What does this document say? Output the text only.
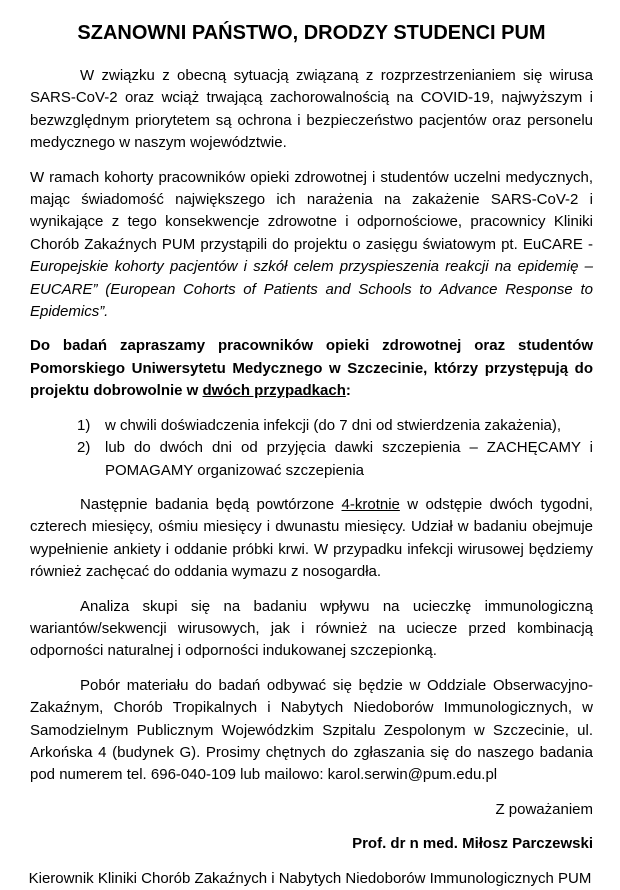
SZANOWNI PAŃSTWO, DRODZY STUDENCI PUM

W związku z obecną sytuacją związaną z rozprzestrzenianiem się wirusa SARS-CoV-2 oraz wciąż trwającą zachorowalnością na COVID-19, najwyższym i bezwzględnym priorytetem są ochrona i bezpieczeństwo pacjentów oraz personelu medycznego w naszym województwie.

W ramach kohorty pracowników opieki zdrowotnej i studentów uczelni medycznych, mając świadomość największego ich narażenia na zakażenie SARS-CoV-2 i wynikające z tego konsekwencje zdrowotne i odpornościowe, pracownicy Kliniki Chorób Zakaźnych PUM przystąpili do projektu o zasięgu światowym pt. EuCARE - Europejskie kohorty pacjentów i szkół celem przyspieszenia reakcji na epidemię – EUCARE” (European Cohorts of Patients and Schools to Advance Response to Epidemics”.

Do badań zapraszamy pracowników opieki zdrowotnej oraz studentów Pomorskiego Uniwersytetu Medycznego w Szczecinie, którzy przystępują do projektu dobrowolnie w dwóch przypadkach:

1) w chwili doświadczenia infekcji (do 7 dni od stwierdzenia zakażenia),
2) lub do dwóch dni od przyjęcia dawki szczepienia – ZACHĘCAMY i POMAGAMY organizować szczepienia

Następnie badania będą powtórzone 4-krotnie w odstępie dwóch tygodni, czterech miesięcy, ośmiu miesięcy i dwunastu miesięcy. Udział w badaniu obejmuje wypełnienie ankiety i oddanie próbki krwi. W przypadku infekcji wirusowej będziemy również zachęcać do oddania wymazu z nosogardła.

Analiza skupi się na badaniu wpływu na ucieczkę immunologiczną wariantów/sekwencji wirusowych, jak i również na uciecze przed kombinacją odporności naturalnej i odporności indukowanej szczepionką.

Pobór materiału do badań odbywać się będzie w Oddziale Obserwacyjno-Zakaźnym, Chorób Tropikalnych i Nabytych Niedoborów Immunologicznych, w Samodzielnym Publicznym Wojewódzkim Szpitalu Zespolonym w Szczecinie, ul. Arkońska 4 (budynek G). Prosimy chętnych do zgłaszania się do naszego badania pod numerem tel. 696-040-109 lub mailowo: karol.serwin@pum.edu.pl

Z poważaniem

Prof. dr n med. Miłosz Parczewski

Kierownik Kliniki Chorób Zakaźnych i Nabytych Niedoborów Immunologicznych PUM
